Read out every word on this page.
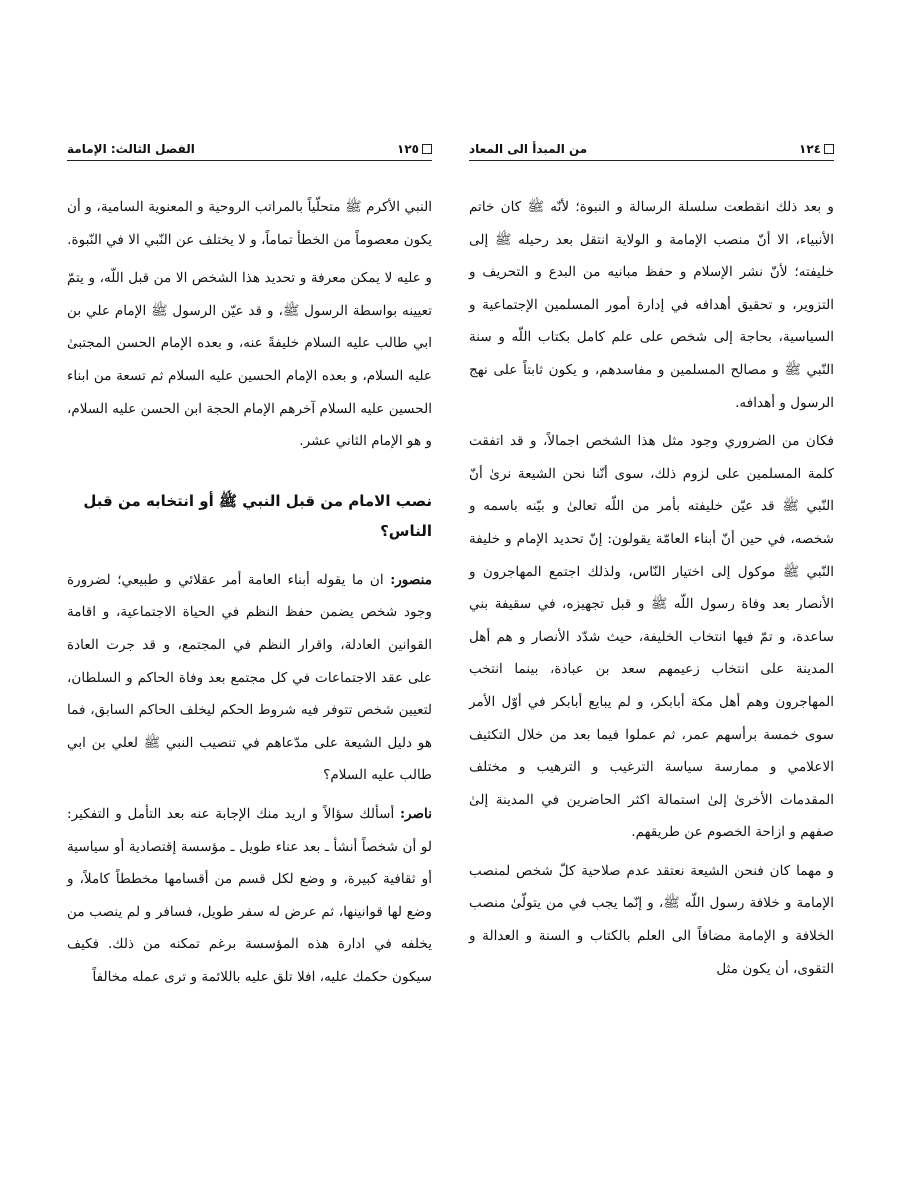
١٢٤
من المبدأ الى المعاد

و بعد ذلك انقطعت سلسلة الرسالة و النبوة؛ لأنّه ﷺ كان خاتم الأنبياء، الا أنّ منصب الإمامة و الولاية انتقل بعد رحيله ﷺ إلى خليفته؛ لأنّ نشر الإسلام و حفظ مبانيه من البدع و التحريف و التزوير، و تحقيق أهدافه في إدارة أمور المسلمين الإجتماعية و السياسية، بحاجة إلى شخص على علم كامل بكتاب اللّه و سنة النّبي ﷺ و مصالح المسلمين و مفاسدهم، و يكون ثابتاً على نهج الرسول و أهدافه.

فكان من الضروري وجود مثل هذا الشخص اجمالاً، و قد اتفقت كلمة المسلمين على لزوم ذلك، سوى أنّنا نحن الشيعة نرىٰ أنّ النّبي ﷺ قد عيّن خليفته بأمر من اللّه تعالىٰ و بيّنه باسمه و شخصه، في حين أنّ أبناء العامّة يقولون: إنّ تحديد الإمام و خليفة النّبي ﷺ موكول إلى اختيار النّاس، ولذلك اجتمع المهاجرون و الأنصار بعد وفاة رسول اللّه ﷺ و قبل تجهيزه، في سقيفة بني ساعدة، و تمّ فيها انتخاب الخليفة، حيث شدّد الأنصار و هم أهل المدينة على انتخاب زعيمهم سعد بن عبادة، بينما انتخب المهاجرون وهم أهل مكة أبابكر، و لم يبايع أبابكر في أوّل الأمر سوى خمسة برأسهم عمر، ثم عملوا فيما بعد من خلال التكثيف الاعلامي و ممارسة سياسة الترغيب و الترهيب و مختلف المقدمات الأخرىٰ إلىٰ استمالة اكثر الحاضرين في المدينة إلىٰ صفهم و ازاحة الخصوم عن طريقهم.

و مهما كان فنحن الشيعة نعتقد عدم صلاحية كلّ شخص لمنصب الإمامة و خلافة رسول اللّه ﷺ، و إنّما يجب في من يتولّىٰ منصب الخلافة و الإمامة مضافاً الى العلم بالكتاب و السنة و العدالة و التقوى، أن يكون مثل

١٢٥
الفصل الثالث: الإمامة

النبي الأكرم ﷺ متحلّياً بالمراتب الروحية و المعنوية السامية، و أن يكون معصوماً من الخطأ تماماً، و لا يختلف عن النّبي الا في النّبوة.

و عليه لا يمكن معرفة و تحديد هذا الشخص الا من قبل اللّه، و يتمّ تعيينه بواسطة الرسول ﷺ، و قد عيّن الرسول ﷺ الإمام علي بن ابي طالب عليه السلام خليفةً عنه، و بعده الإمام الحسن المجتبىٰ عليه السلام، و بعده الإمام الحسين عليه السلام ثم تسعة من ابناء الحسين عليه السلام آخرهم الإمام الحجة ابن الحسن عليه السلام، و هو الإمام الثاني عشر.

نصب الامام من قبل النبي ﷺ أو انتخابه من قبل الناس؟

منصور: ان ما يقوله أبناء العامة أمر عقلائي و طبيعي؛ لضرورة وجود شخص يضمن حفظ النظم في الحياة الاجتماعية، و اقامة القوانين العادلة، واقرار النظم في المجتمع، و قد جرت العادة على عقد الاجتماعات في كل مجتمع بعد وفاة الحاكم و السلطان، لتعيين شخص تتوفر فيه شروط الحكم ليخلف الحاكم السابق، فما هو دليل الشيعة على مدّعاهم في تنصيب النبي ﷺ لعلي بن ابي طالب عليه السلام؟

ناصر: أسألك سؤالاً و اريد منك الإجابة عنه بعد التأمل و التفكير: لو أن شخصاً أنشأ ـ بعد عناء طويل ـ مؤسسة إقتصادية أو سياسية أو ثقافية كبيرة، و وضع لكل قسم من أقسامها مخططاً كاملاً، و وضع لها قوانينها، ثم عرض له سفر طويل، فسافر و لم ينصب من يخلفه في ادارة هذه المؤسسة برغم تمكنه من ذلك. فكيف سيكون حكمك عليه، افلا تلق عليه باللائمة و ترى عمله مخالفاً
